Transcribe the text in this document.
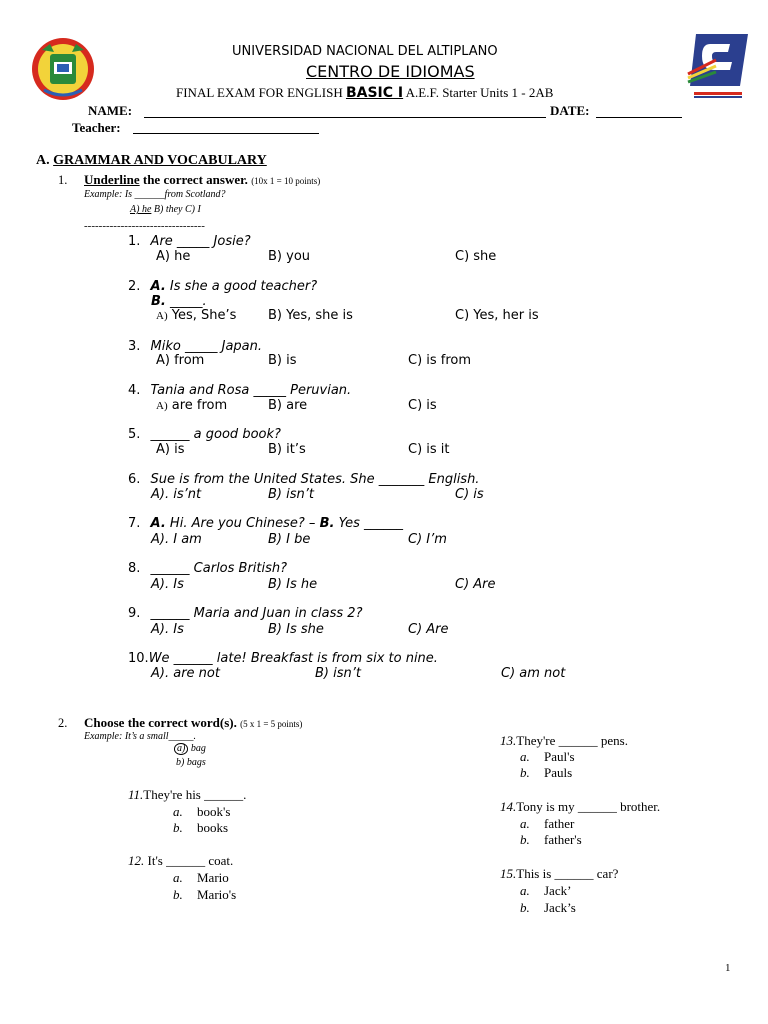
UNIVERSIDAD NACIONAL DEL ALTIPLANO
CENTRO DE IDIOMAS
FINAL EXAM FOR ENGLISH BASIC I A.E.F. Starter Units 1 - 2AB
NAME:	DATE:
Teacher:
A. GRAMMAR AND VOCABULARY
1. Underline the correct answer. (10x 1 = 10 points)
Example: Is ______from Scotland?
A) he B) they C) I
---------------------------------
1. Are _____ Josie?
A) he	B) you	C) she
2. A. Is she a good teacher?
B. _____.
A) Yes, She’s B) Yes, she is	C) Yes, her is
3. Miko _____ Japan.
A) from	B) is	C) is from
4. Tania and Rosa _____ Peruvian.
A) are from	B) are	C) is
5. ______ a good book?
A) is	B) it’s	C) is it
6. Sue is from the United States. She _______ English.
A). is’nt	B) isn’t	C) is
7. A. Hi. Are you Chinese? – B. Yes ______
A). I am	B) I be	C) I’m
8. ______ Carlos British?
A). Is	B) Is he	C) Are
9. ______ Maria and Juan in class 2?
A). Is	B) Is she	C) Are
10.We ______ late! Breakfast is from six to nine.
A). are not	B) isn’t	C) am not
2. Choose the correct word(s). (5 x 1 = 5 points)
Example: It’s a small_____.
a) bag
b) bags
11.They're his ______.
a. book's
b. books
12. It's ______ coat.
a. Mario
b. Mario's
13.They're ______ pens.
a. Paul's
b. Pauls
14.Tony is my ______ brother.
a. father
b. father's
15.This is ______ car?
a. Jack’
b. Jack’s
1
